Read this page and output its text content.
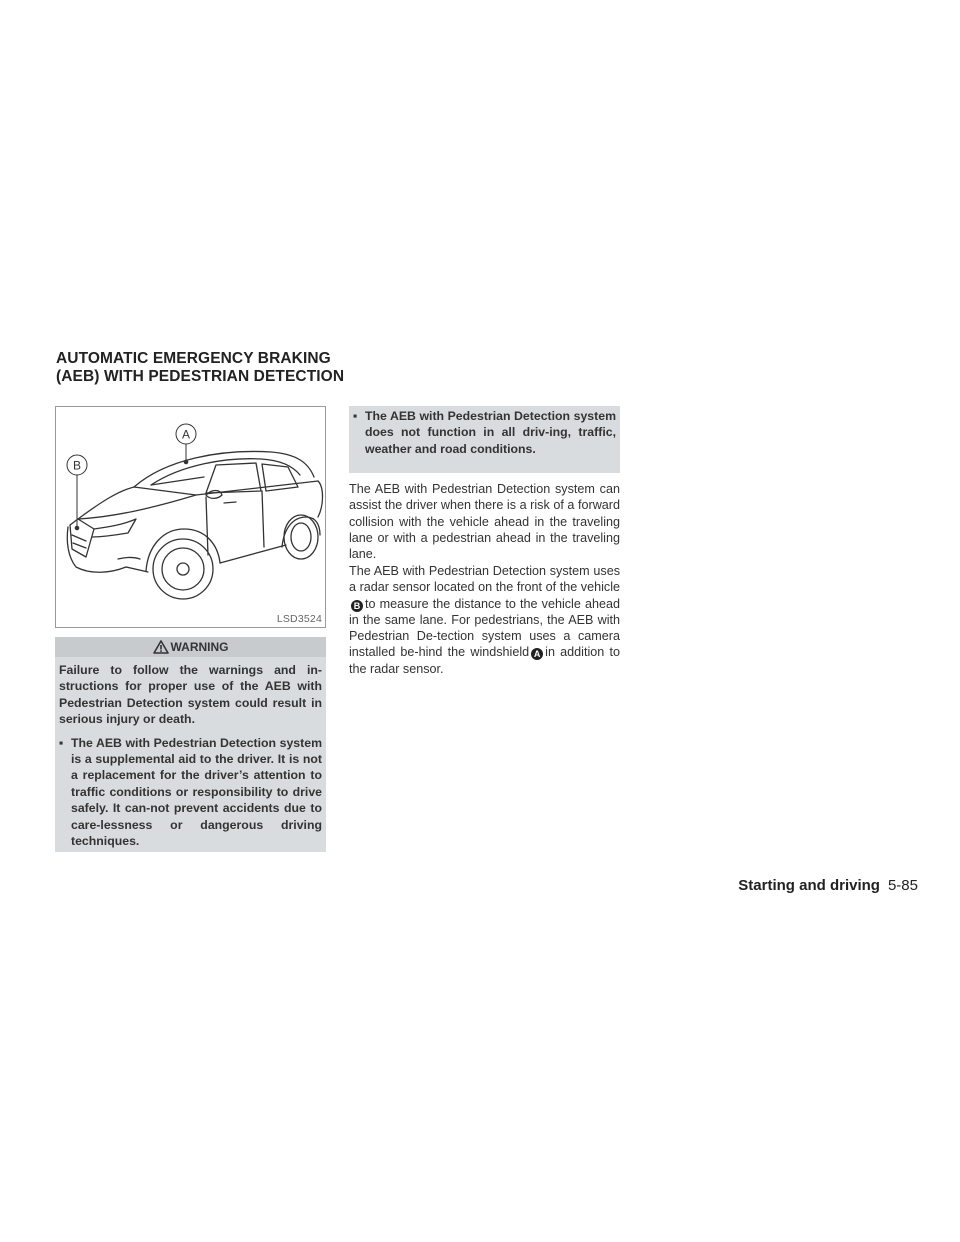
AUTOMATIC EMERGENCY BRAKING
(AEB) WITH PEDESTRIAN DETECTION
A
B
LSD3524
WARNING

Failure to follow the warnings and in-structions for proper use of the AEB with Pedestrian Detection system could result in serious injury or death.

▪ The AEB with Pedestrian Detection system is a supplemental aid to the driver. It is not a replacement for the driver’s attention to traffic conditions or responsibility to drive safely. It can-not prevent accidents due to care-lessness or dangerous driving techniques.
▪ The AEB with Pedestrian Detection system does not function in all driv-ing, traffic, weather and road conditions.

The AEB with Pedestrian Detection system can assist the driver when there is a risk of a forward collision with the vehicle ahead in the traveling lane or with a pedestrian ahead in the traveling lane.

The AEB with Pedestrian Detection system uses a radar sensor located on the front of the vehicleB to measure the distance to the vehicle ahead in the same lane. For pedestrians, the AEB with Pedestrian De-tection system uses a camera installed be-hind the windshield A in addition to the radar sensor.

Starting and driving 5-85
